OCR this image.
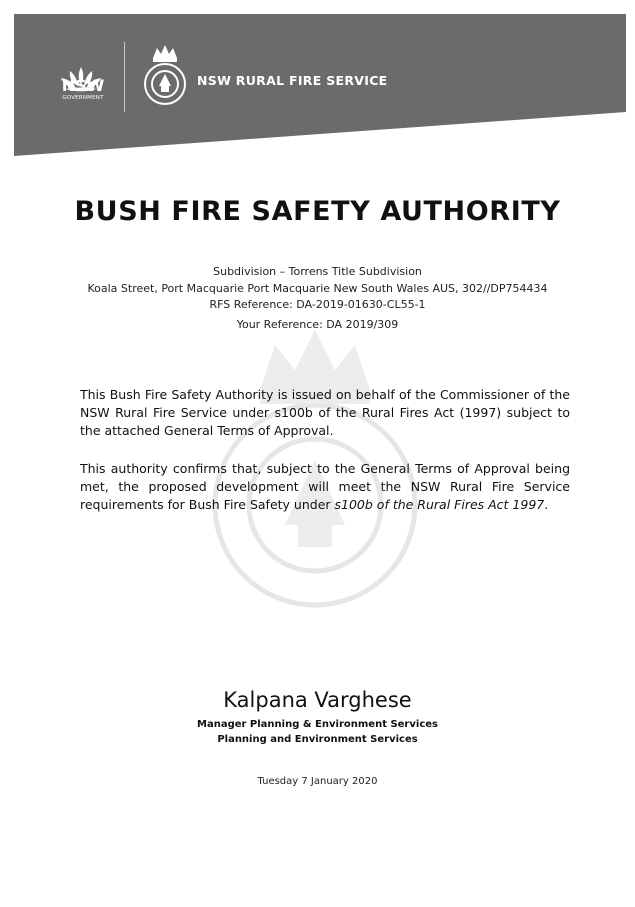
NSW
GOVERNMENT
NSW RURAL FIRE SERVICE
BUSH FIRE SAFETY AUTHORITY
Subdivision – Torrens Title Subdivision
Koala Street, Port Macquarie Port Macquarie New South Wales AUS, 302//DP754434
RFS Reference: DA-2019-01630-CL55-1
Your Reference: DA 2019/309
This Bush Fire Safety Authority is issued on behalf of the Commissioner of the NSW Rural Fire Service under s100b of the Rural Fires Act (1997) subject to the attached General Terms of Approval.
This authority confirms that, subject to the General Terms of Approval being met, the proposed development will meet the NSW Rural Fire Service requirements for Bush Fire Safety under s100b of the Rural Fires Act 1997.
Kalpana Varghese
Manager Planning & Environment Services
Planning and Environment Services
Tuesday 7 January 2020
